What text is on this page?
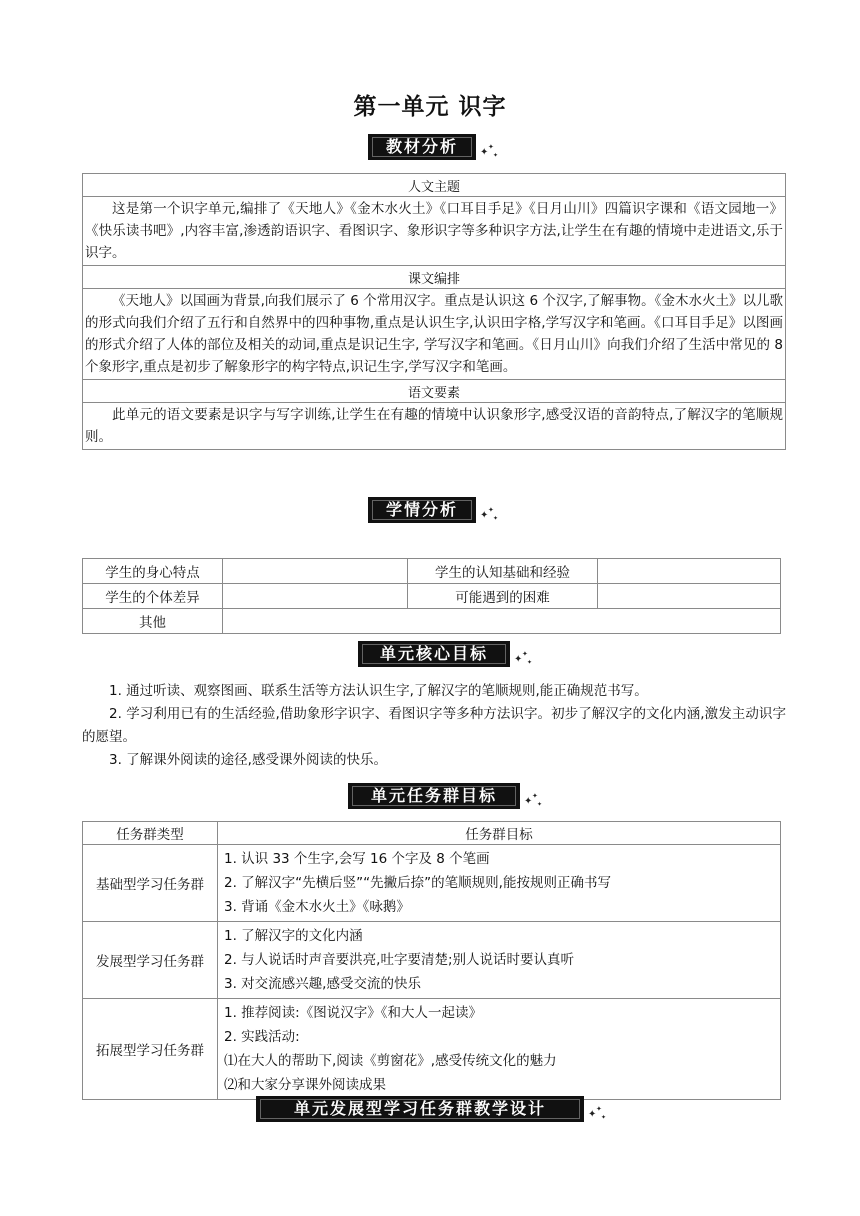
第一单元 识字
教材分析	✦ ✦
✦
人文主题
这是第一个识字单元,编排了《天地人》《金木水火土》《口耳目手足》《日月山川》四篇识字课和《语文园地一》《快乐读书吧》,内容丰富,渗透韵语识字、看图识字、象形识字等多种识字方法,让学生在有趣的情境中走进语文,乐于识字。
课文编排
《天地人》以国画为背景,向我们展示了 6 个常用汉字。重点是认识这 6 个汉字,了解事物。《金木水火土》以儿歌的形式向我们介绍了五行和自然界中的四种事物,重点是认识生字,认识田字格,学写汉字和笔画。《口耳目手足》以图画的形式介绍了人体的部位及相关的动词,重点是识记生字, 学写汉字和笔画。《日月山川》向我们介绍了生活中常见的 8 个象形字,重点是初步了解象形字的构字特点,识记生字,学写汉字和笔画。
语文要素
此单元的语文要素是识字与写字训练,让学生在有趣的情境中认识象形字,感受汉语的音韵特点,了解汉字的笔顺规则。
学情分析	✦ ✦
✦
学生的身心特点		学生的认知基础和经验	
学生的个体差异		可能遇到的困难	
其他			
单元核心目标	✦ ✦
✦
1. 通过听读、观察图画、联系生活等方法认识生字,了解汉字的笔顺规则,能正确规范书写。
2. 学习利用已有的生活经验,借助象形字识字、看图识字等多种方法识字。初步了解汉字的文化内涵,激发主动识字的愿望。
3. 了解课外阅读的途径,感受课外阅读的快乐。
单元任务群目标	✦ ✦
✦
任务群类型	任务群目标
基础型学习任务群	1. 认识 33 个生字,会写 16 个字及 8 个笔画
2. 了解汉字“先横后竖”“先撇后捺”的笔顺规则,能按规则正确书写
3. 背诵《金木水火土》《咏鹅》

发展型学习任务群	1. 了解汉字的文化内涵
2. 与人说话时声音要洪亮,吐字要清楚;别人说话时要认真听
3. 对交流感兴趣,感受交流的快乐

拓展型学习任务群	1. 推荐阅读:《图说汉字》《和大人一起读》
2. 实践活动:
⑴在大人的帮助下,阅读《剪窗花》,感受传统文化的魅力
⑵和大家分享课外阅读成果
单元发展型学习任务群教学设计	✦ ✦
✦
